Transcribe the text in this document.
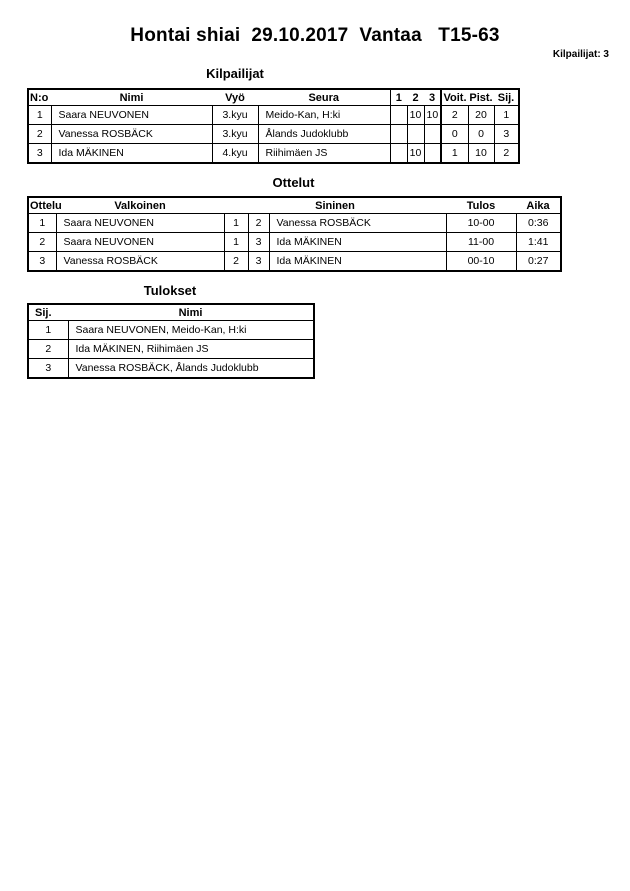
Hontai shiai  29.10.2017  Vantaa   T15-63
Kilpailijat: 3
Kilpailijat
N:o	Nimi	Vyö	Seura	1	2	3	Voit.	Pist.	Sij.
1	Saara NEUVONEN	3.kyu	Meido-Kan, H:ki		10	10	2	20	1
2	Vanessa ROSBÄCK	3.kyu	Ålands Judoklubb				0	0	3
3	Ida MÄKINEN	4.kyu	Riihimäen JS		10		1	10	2
Ottelut
Ottelu	Valkoinen	Sininen			Tulos	Aika
1	Saara NEUVONEN	1	2	Vanessa ROSBÄCK	10-00	0:36
2	Saara NEUVONEN	1	3	Ida MÄKINEN	11-00	1:41
3	Vanessa ROSBÄCK	2	3	Ida MÄKINEN	00-10	0:27
Tulokset
Sij.	Nimi
1	Saara NEUVONEN, Meido-Kan, H:ki
2	Ida MÄKINEN, Riihimäen JS
3	Vanessa ROSBÄCK, Ålands Judoklubb
